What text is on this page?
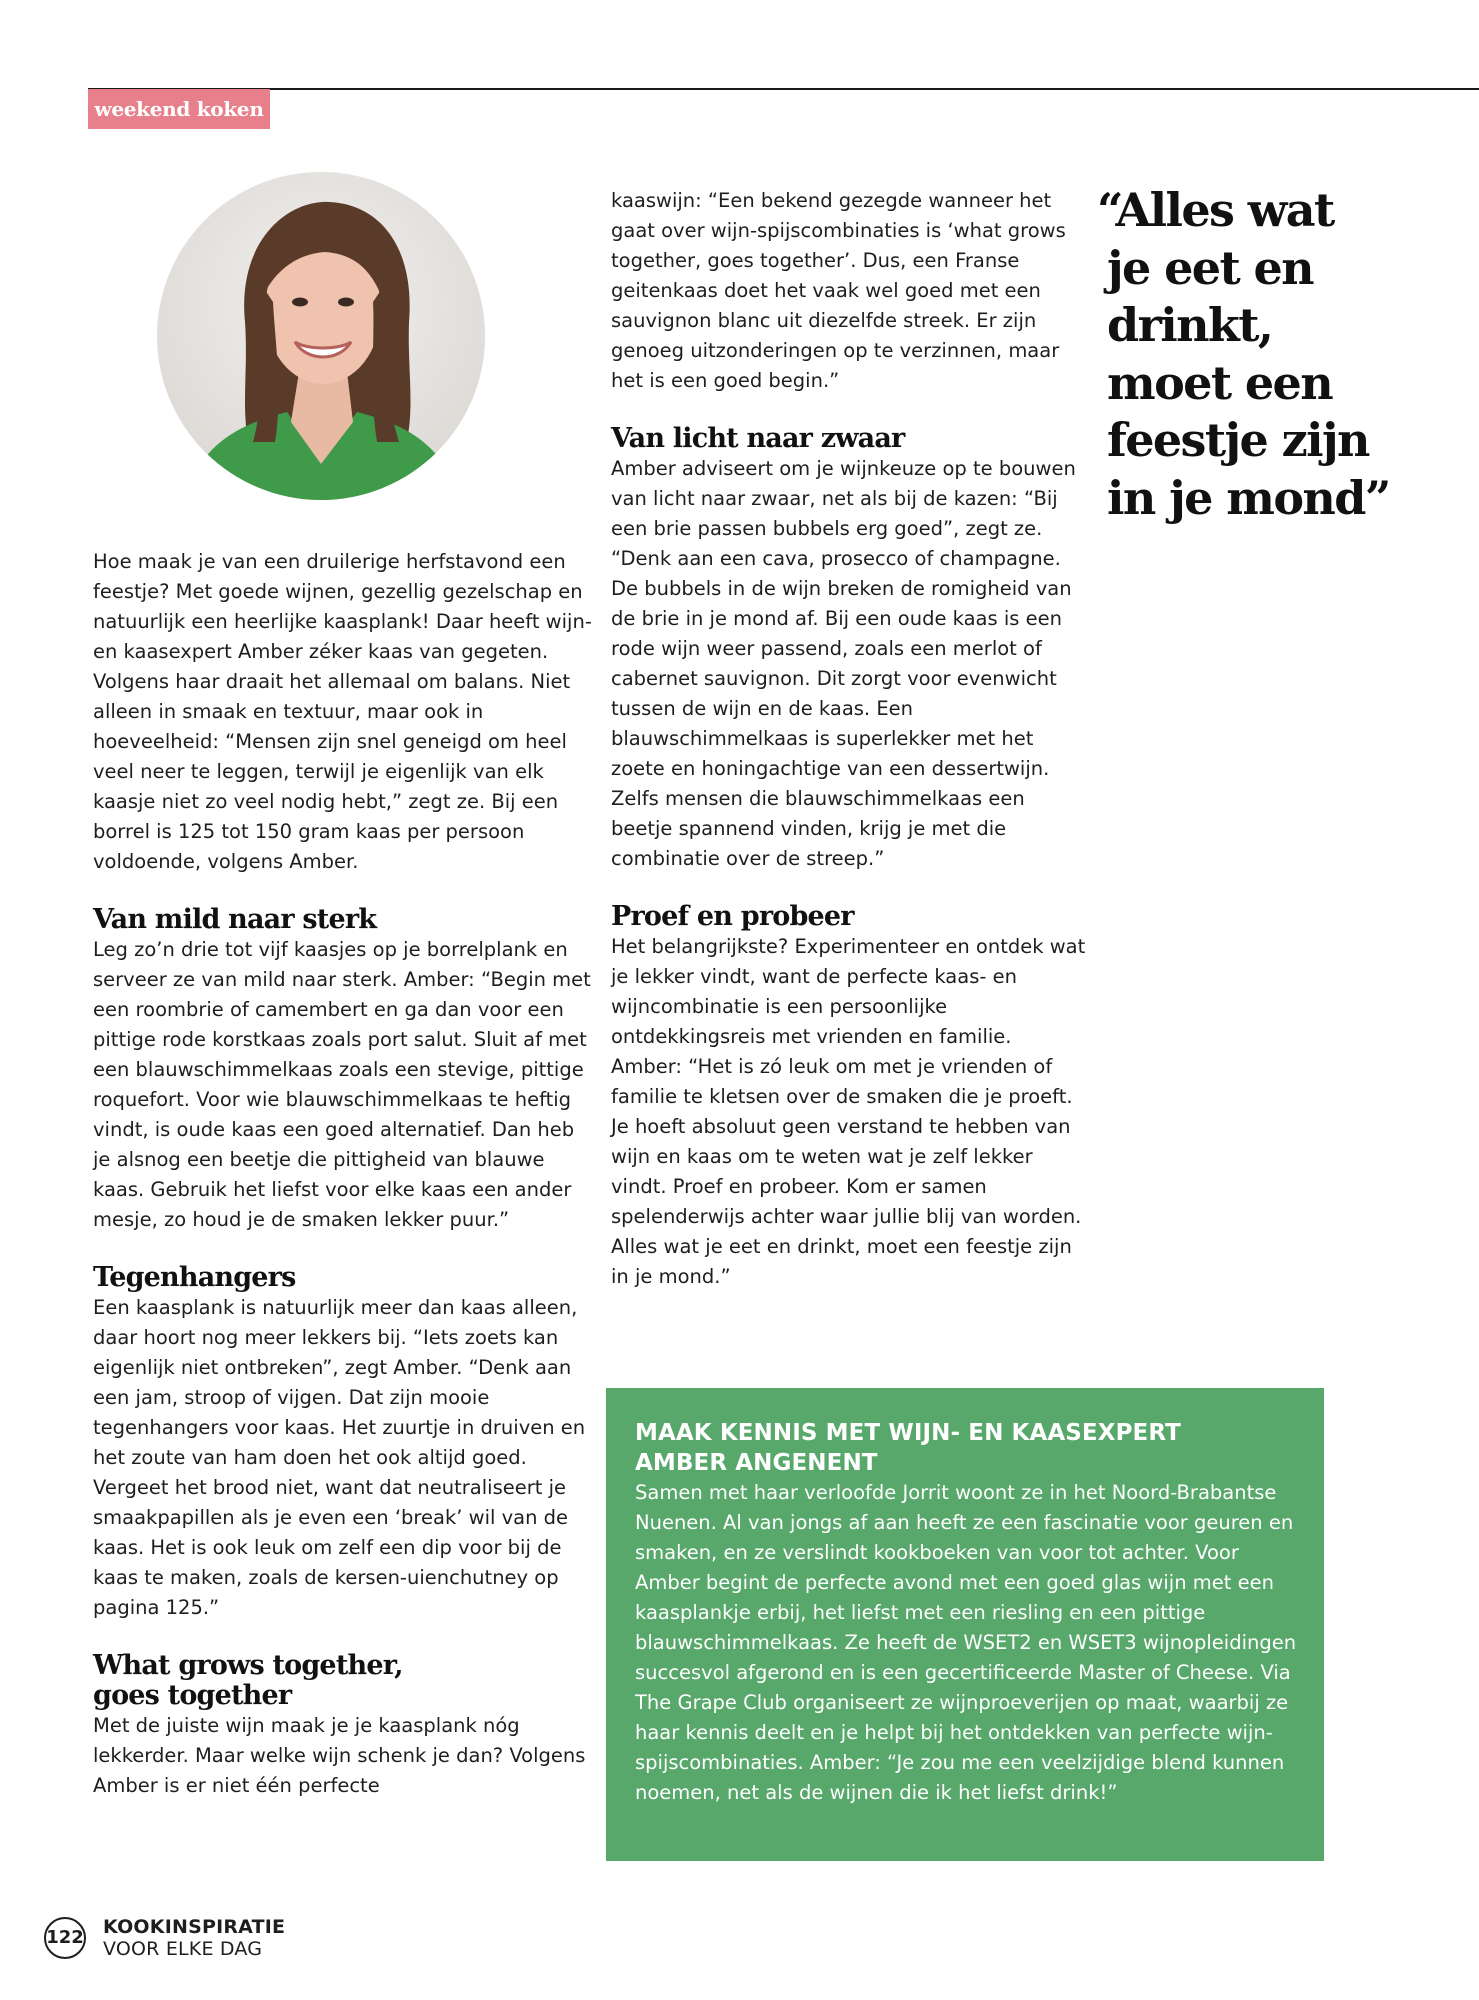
weekend koken

Hoe maak je van een druilerige herfstavond een feestje? Met goede wijnen, gezellig gezelschap en natuurlijk een heerlijke kaasplank! Daar heeft wijn- en kaasexpert Amber zéker kaas van gegeten. Volgens haar draait het allemaal om balans. Niet alleen in smaak en textuur, maar ook in hoeveelheid: “Mensen zijn snel geneigd om heel veel neer te leggen, terwijl je eigenlijk van elk kaasje niet zo veel nodig hebt,” zegt ze. Bij een borrel is 125 tot 150 gram kaas per persoon voldoende, volgens Amber.

Van mild naar sterk

Leg zo’n drie tot vijf kaasjes op je borrelplank en serveer ze van mild naar sterk. Amber: “Begin met een roombrie of camembert en ga dan voor een pittige rode korstkaas zoals port salut. Sluit af met een blauwschimmelkaas zoals een stevige, pittige roquefort. Voor wie blauwschimmelkaas te heftig vindt, is oude kaas een goed alternatief. Dan heb je alsnog een beetje die pittigheid van blauwe kaas. Gebruik het liefst voor elke kaas een ander mesje, zo houd je de smaken lekker puur.”

Tegenhangers

Een kaasplank is natuurlijk meer dan kaas alleen, daar hoort nog meer lekkers bij. “Iets zoets kan eigenlijk niet ontbreken”, zegt Amber. “Denk aan een jam, stroop of vijgen. Dat zijn mooie tegenhangers voor kaas. Het zuurtje in druiven en het zoute van ham doen het ook altijd goed. Vergeet het brood niet, want dat neutraliseert je smaakpapillen als je even een ‘break’ wil van de kaas. Het is ook leuk om zelf een dip voor bij de kaas te maken, zoals de kersen-uienchutney op pagina 125.”

What grows together,
goes together

Met de juiste wijn maak je je kaasplank nóg lekkerder. Maar welke wijn schenk je dan? Volgens Amber is er niet één perfecte

kaaswijn: “Een bekend gezegde wanneer het gaat over wijn-spijscombinaties is ‘what grows together, goes together’. Dus, een Franse geitenkaas doet het vaak wel goed met een sauvignon blanc uit diezelfde streek. Er zijn genoeg uitzonderingen op te verzinnen, maar het is een goed begin.”

Van licht naar zwaar

Amber adviseert om je wijnkeuze op te bouwen van licht naar zwaar, net als bij de kazen: “Bij een brie passen bubbels erg goed”, zegt ze. “Denk aan een cava, prosecco of champagne. De bubbels in de wijn breken de romigheid van de brie in je mond af. Bij een oude kaas is een rode wijn weer passend, zoals een merlot of cabernet sauvignon. Dit zorgt voor evenwicht tussen de wijn en de kaas. Een blauwschimmelkaas is superlekker met het zoete en honingachtige van een dessertwijn. Zelfs mensen die blauwschimmelkaas een beetje spannend vinden, krijg je met die combinatie over de streep.”

Proef en probeer

Het belangrijkste? Experimenteer en ontdek wat je lekker vindt, want de perfecte kaas- en wijncombinatie is een persoonlijke ontdekkingsreis met vrienden en familie. Amber: “Het is zó leuk om met je vrienden of familie te kletsen over de smaken die je proeft. Je hoeft absoluut geen verstand te hebben van wijn en kaas om te weten wat je zelf lekker vindt. Proef en probeer. Kom er samen spelenderwijs achter waar jullie blij van worden. Alles wat je eet en drinkt, moet een feestje zijn in je mond.”

“Alles wat
je eet en
drinkt,
moet een
feestje zijn
in je mond”
MAAK KENNIS MET WIJN- EN KAASEXPERT
AMBER ANGENENT

Samen met haar verloofde Jorrit woont ze in het Noord-Brabantse Nuenen. Al van jongs af aan heeft ze een fascinatie voor geuren en smaken, en ze verslindt kookboeken van voor tot achter. Voor Amber begint de perfecte avond met een goed glas wijn met een kaasplankje erbij, het liefst met een riesling en een pittige blauwschimmelkaas. Ze heeft de WSET2 en WSET3 wijnopleidingen succesvol afgerond en is een gecertificeerde Master of Cheese. Via The Grape Club organiseert ze wijnproeverijen op maat, waarbij ze haar kennis deelt en je helpt bij het ontdekken van perfecte wijn-spijscombinaties. Amber: “Je zou me een veelzijdige blend kunnen noemen, net als de wijnen die ik het liefst drink!”

122 KOOKINSPIRATIE
VOOR ELKE DAG
